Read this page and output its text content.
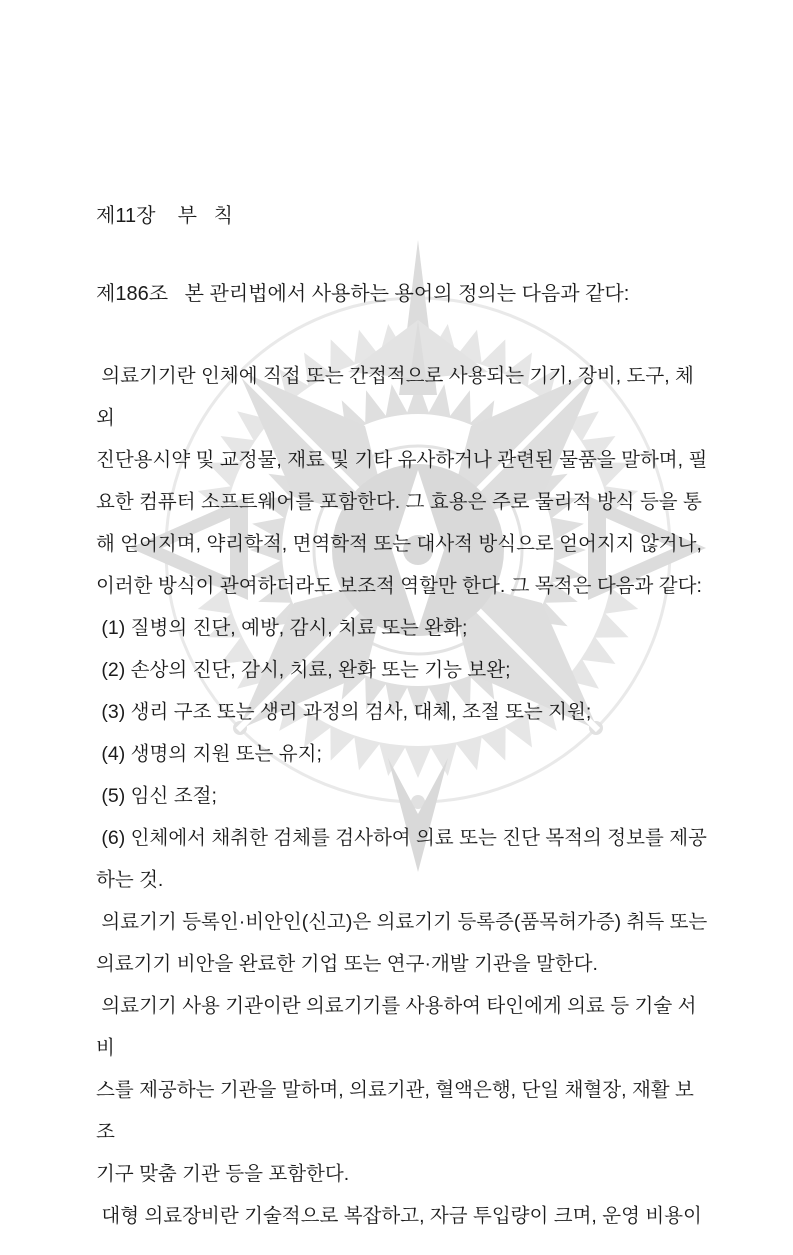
제11장    부   칙

제186조   본 관리법에서 사용하는 용어의 정의는 다음과 같다:

의료기기란 인체에 직접 또는 간접적으로 사용되는 기기, 장비, 도구, 체외
진단용시약 및 교정물, 재료 및 기타 유사하거나 관련된 물품을 말하며, 필
요한 컴퓨터 소프트웨어를 포함한다. 그 효용은 주로 물리적 방식 등을 통
해 얻어지며, 약리학적, 면역학적 또는 대사적 방식으로 얻어지지 않거나,
이러한 방식이 관여하더라도 보조적 역할만 한다. 그 목적은 다음과 같다:
(1) 질병의 진단, 예방, 감시, 치료 또는 완화;
(2) 손상의 진단, 감시, 치료, 완화 또는 기능 보완;
(3) 생리 구조 또는 생리 과정의 검사, 대체, 조절 또는 지원;
(4) 생명의 지원 또는 유지;
(5) 임신 조절;
(6) 인체에서 채취한 검체를 검사하여 의료 또는 진단 목적의 정보를 제공
하는 것.
의료기기 등록인·비안인(신고)은 의료기기 등록증(품목허가증) 취득 또는
의료기기 비안을 완료한 기업 또는 연구·개발 기관을 말한다.
의료기기 사용 기관이란 의료기기를 사용하여 타인에게 의료 등 기술 서비
스를 제공하는 기관을 말하며, 의료기관, 혈액은행, 단일 채혈장, 재활 보조
기구 맞춤 기관 등을 포함한다.
대형 의료장비란 기술적으로 복잡하고, 자금 투입량이 크며, 운영 비용이
